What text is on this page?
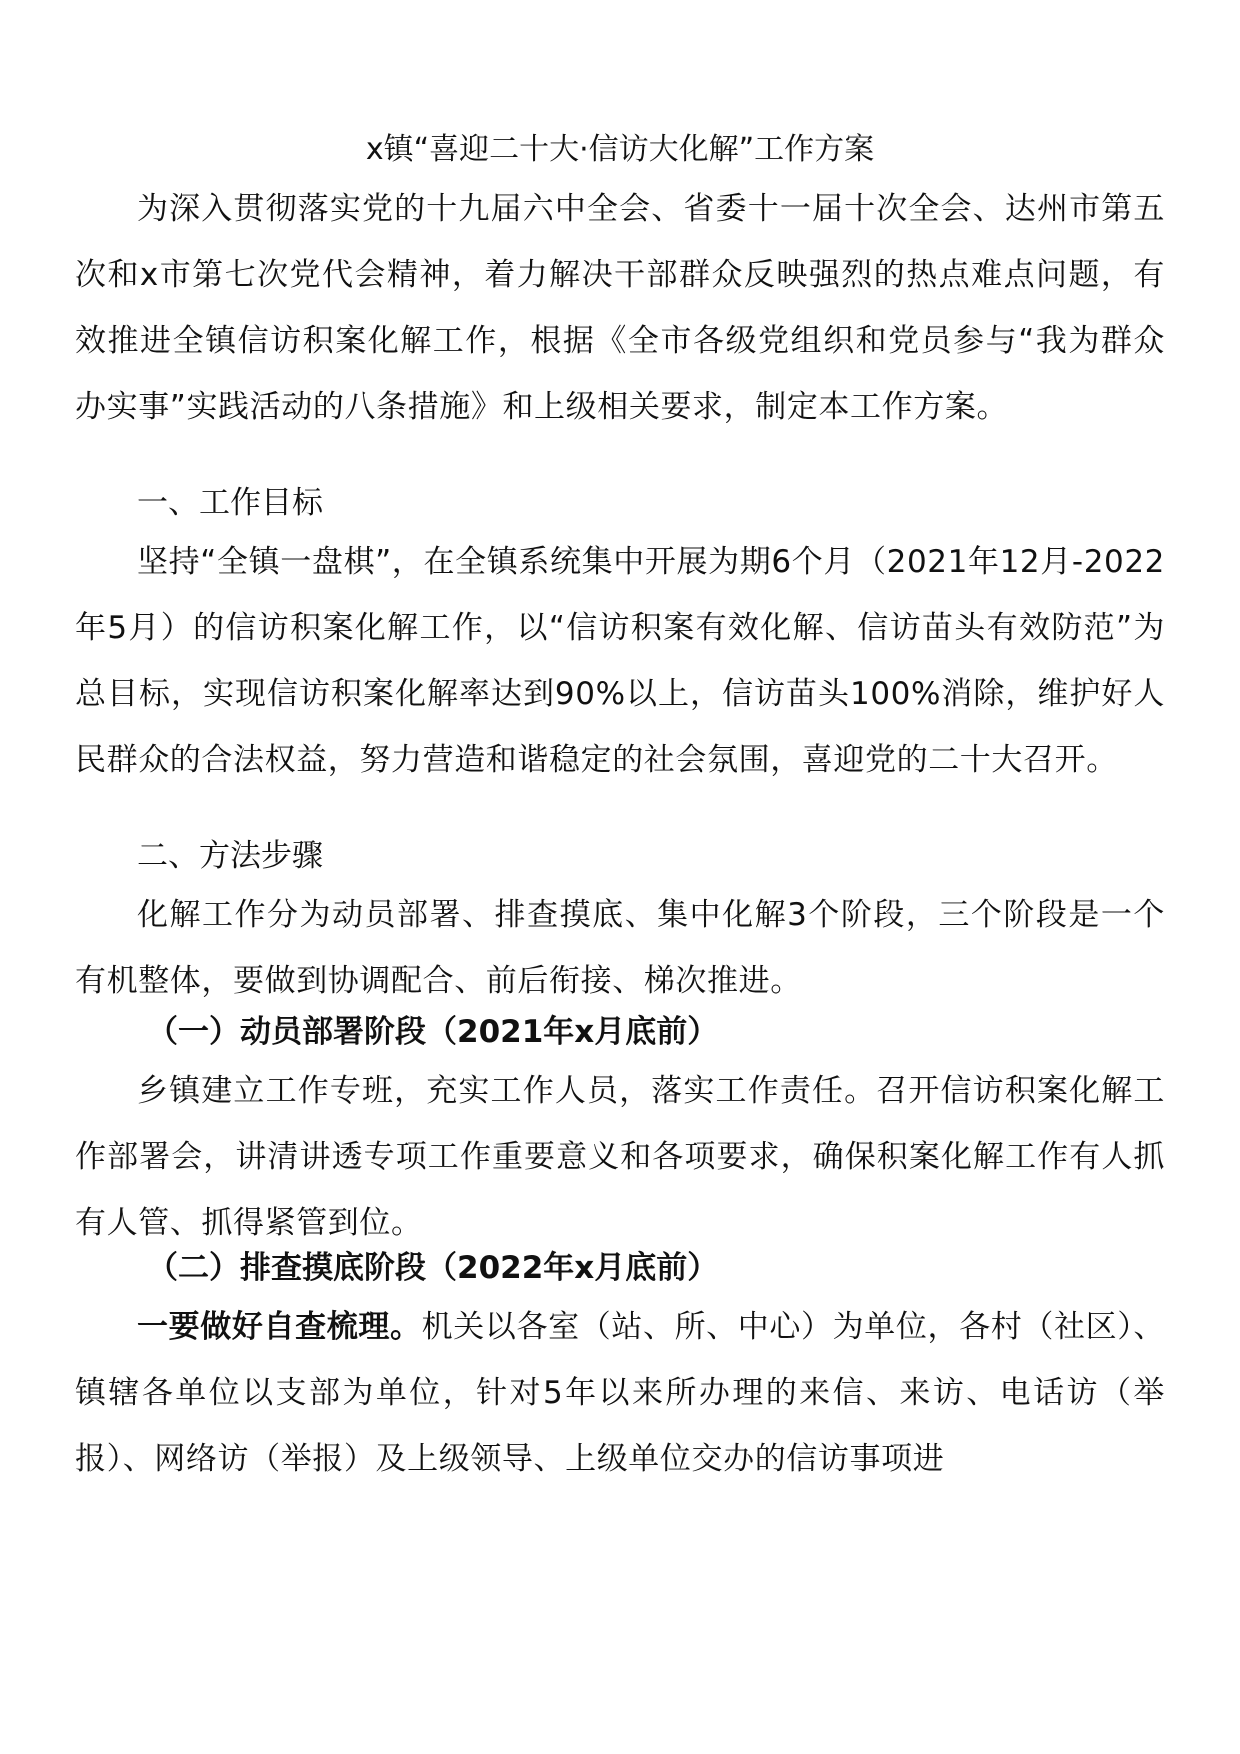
x镇“喜迎二十大·信访大化解”工作方案
为深入贯彻落实党的十九届六中全会、省委十一届十次全会、达州市第五次和x市第七次党代会精神，着力解决干部群众反映强烈的热点难点问题，有效推进全镇信访积案化解工作，根据《全市各级党组织和党员参与“我为群众办实事”实践活动的八条措施》和上级相关要求，制定本工作方案。
一、工作目标
坚持“全镇一盘棋”，在全镇系统集中开展为期6个月（2021年12月-2022年5月）的信访积案化解工作，以“信访积案有效化解、信访苗头有效防范”为总目标，实现信访积案化解率达到90%以上，信访苗头100%消除，维护好人民群众的合法权益，努力营造和谐稳定的社会氛围，喜迎党的二十大召开。
二、方法步骤
化解工作分为动员部署、排查摸底、集中化解3个阶段，三个阶段是一个有机整体，要做到协调配合、前后衔接、梯次推进。
（一）动员部署阶段（2021年x月底前）
乡镇建立工作专班，充实工作人员，落实工作责任。召开信访积案化解工作部署会，讲清讲透专项工作重要意义和各项要求，确保积案化解工作有人抓有人管、抓得紧管到位。
（二）排查摸底阶段（2022年x月底前）
一要做好自查梳理。机关以各室（站、所、中心）为单位，各村（社区）、镇辖各单位以支部为单位，针对5年以来所办理的来信、来访、电话访（举报）、网络访（举报）及上级领导、上级单位交办的信访事项进
